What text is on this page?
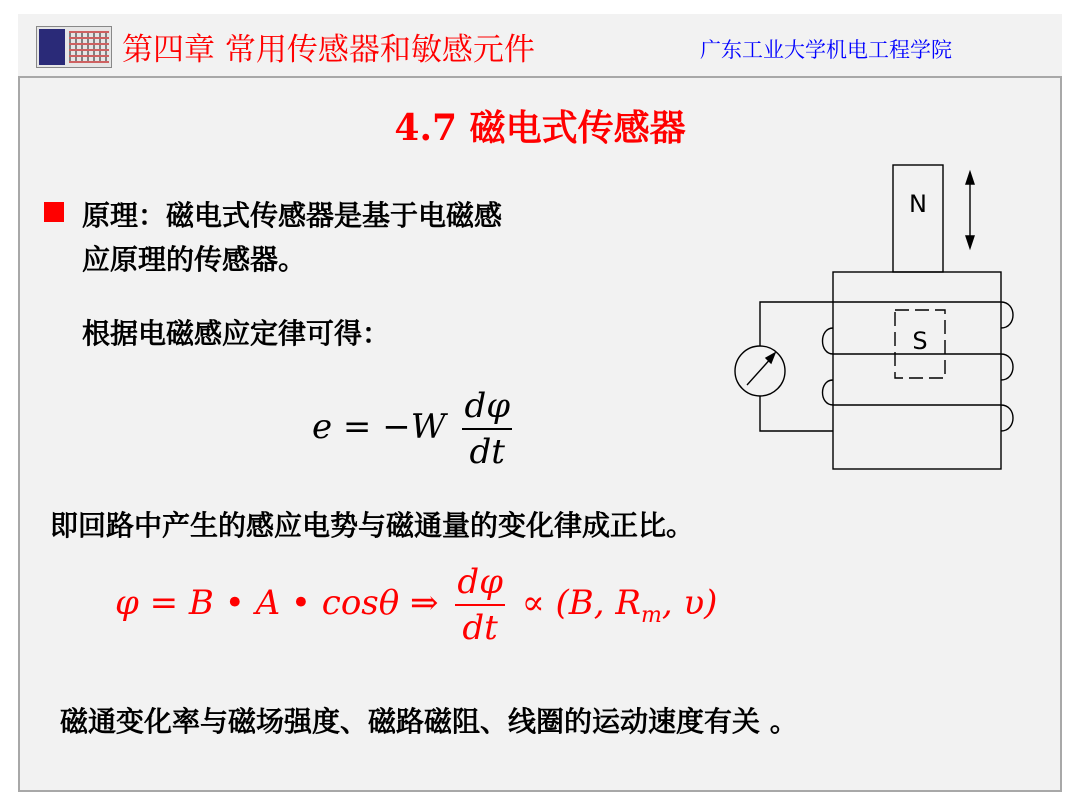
第四章 常用传感器和敏感元件	广东工业大学机电工程学院
4.7 磁电式传感器
原理：磁电式传感器是基于电磁感
应原理的传感器。
根据电磁感应定律可得：
$e = -W \frac{d\varphi}{dt}$
即回路中产生的感应电势与磁通量的变化律成正比。
φ = B • A • cosθ ⇒ $\frac{d\varphi}{dt} \propto (B$, $R_m$, υ)
磁通变化率与磁场强度、磁路磁阻、线圈的运动速度有关 。
N
S
